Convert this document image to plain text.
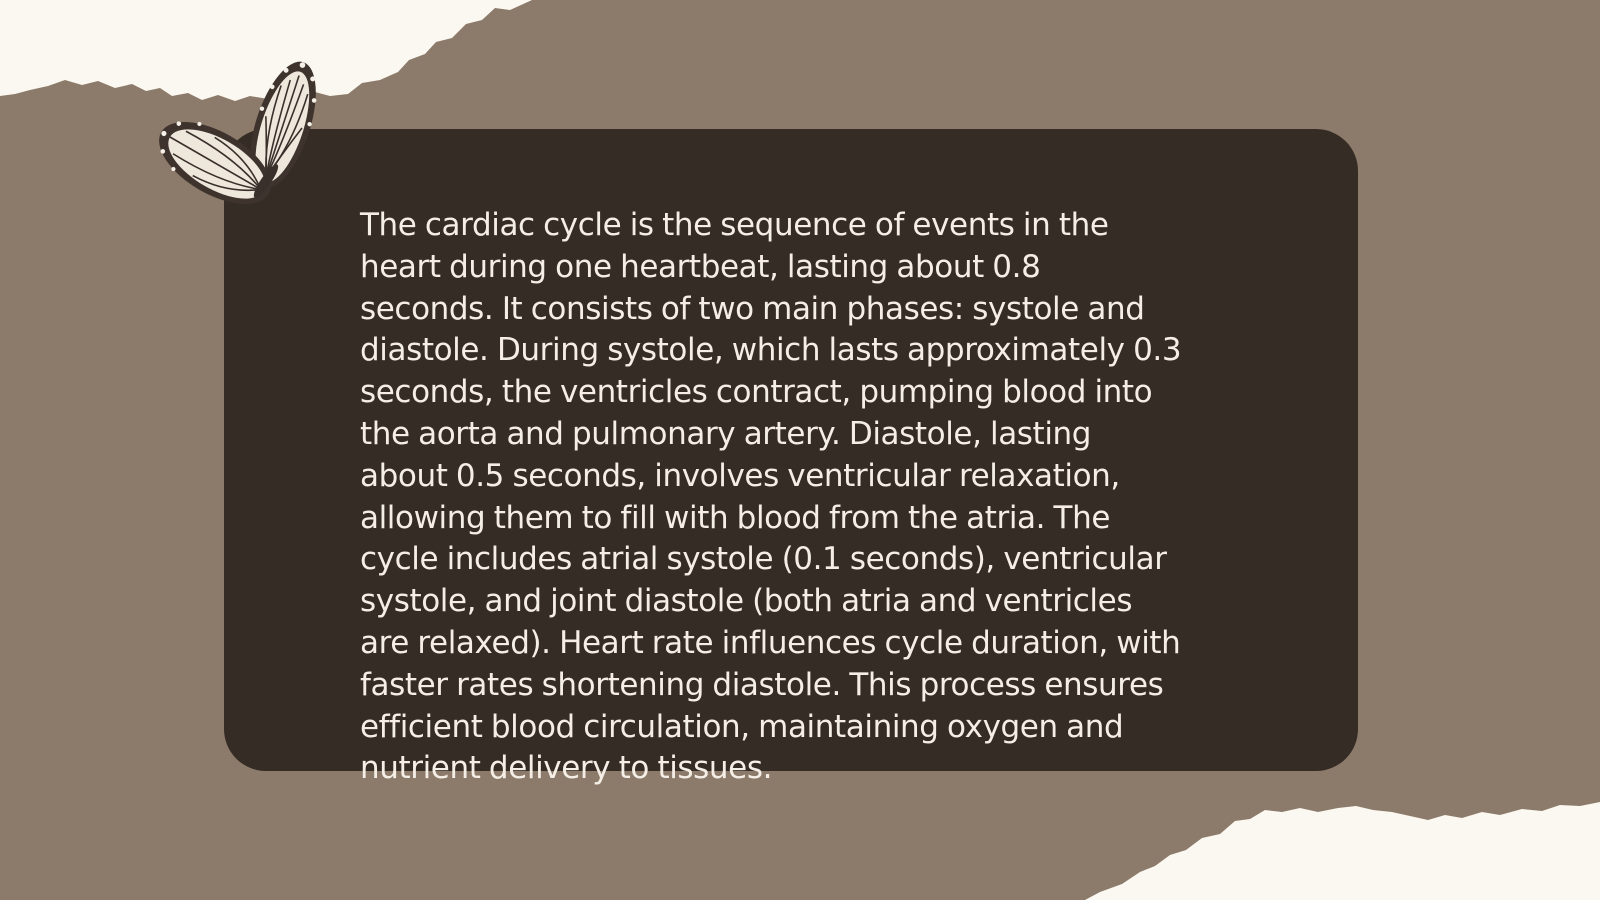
The cardiac cycle is the sequence of events in the
heart during one heartbeat, lasting about 0.8
seconds. It consists of two main phases: systole and
diastole. During systole, which lasts approximately 0.3
seconds, the ventricles contract, pumping blood into
the aorta and pulmonary artery. Diastole, lasting
about 0.5 seconds, involves ventricular relaxation,
allowing them to fill with blood from the atria. The
cycle includes atrial systole (0.1 seconds), ventricular
systole, and joint diastole (both atria and ventricles
are relaxed). Heart rate influences cycle duration, with
faster rates shortening diastole. This process ensures
efficient blood circulation, maintaining oxygen and
nutrient delivery to tissues.
